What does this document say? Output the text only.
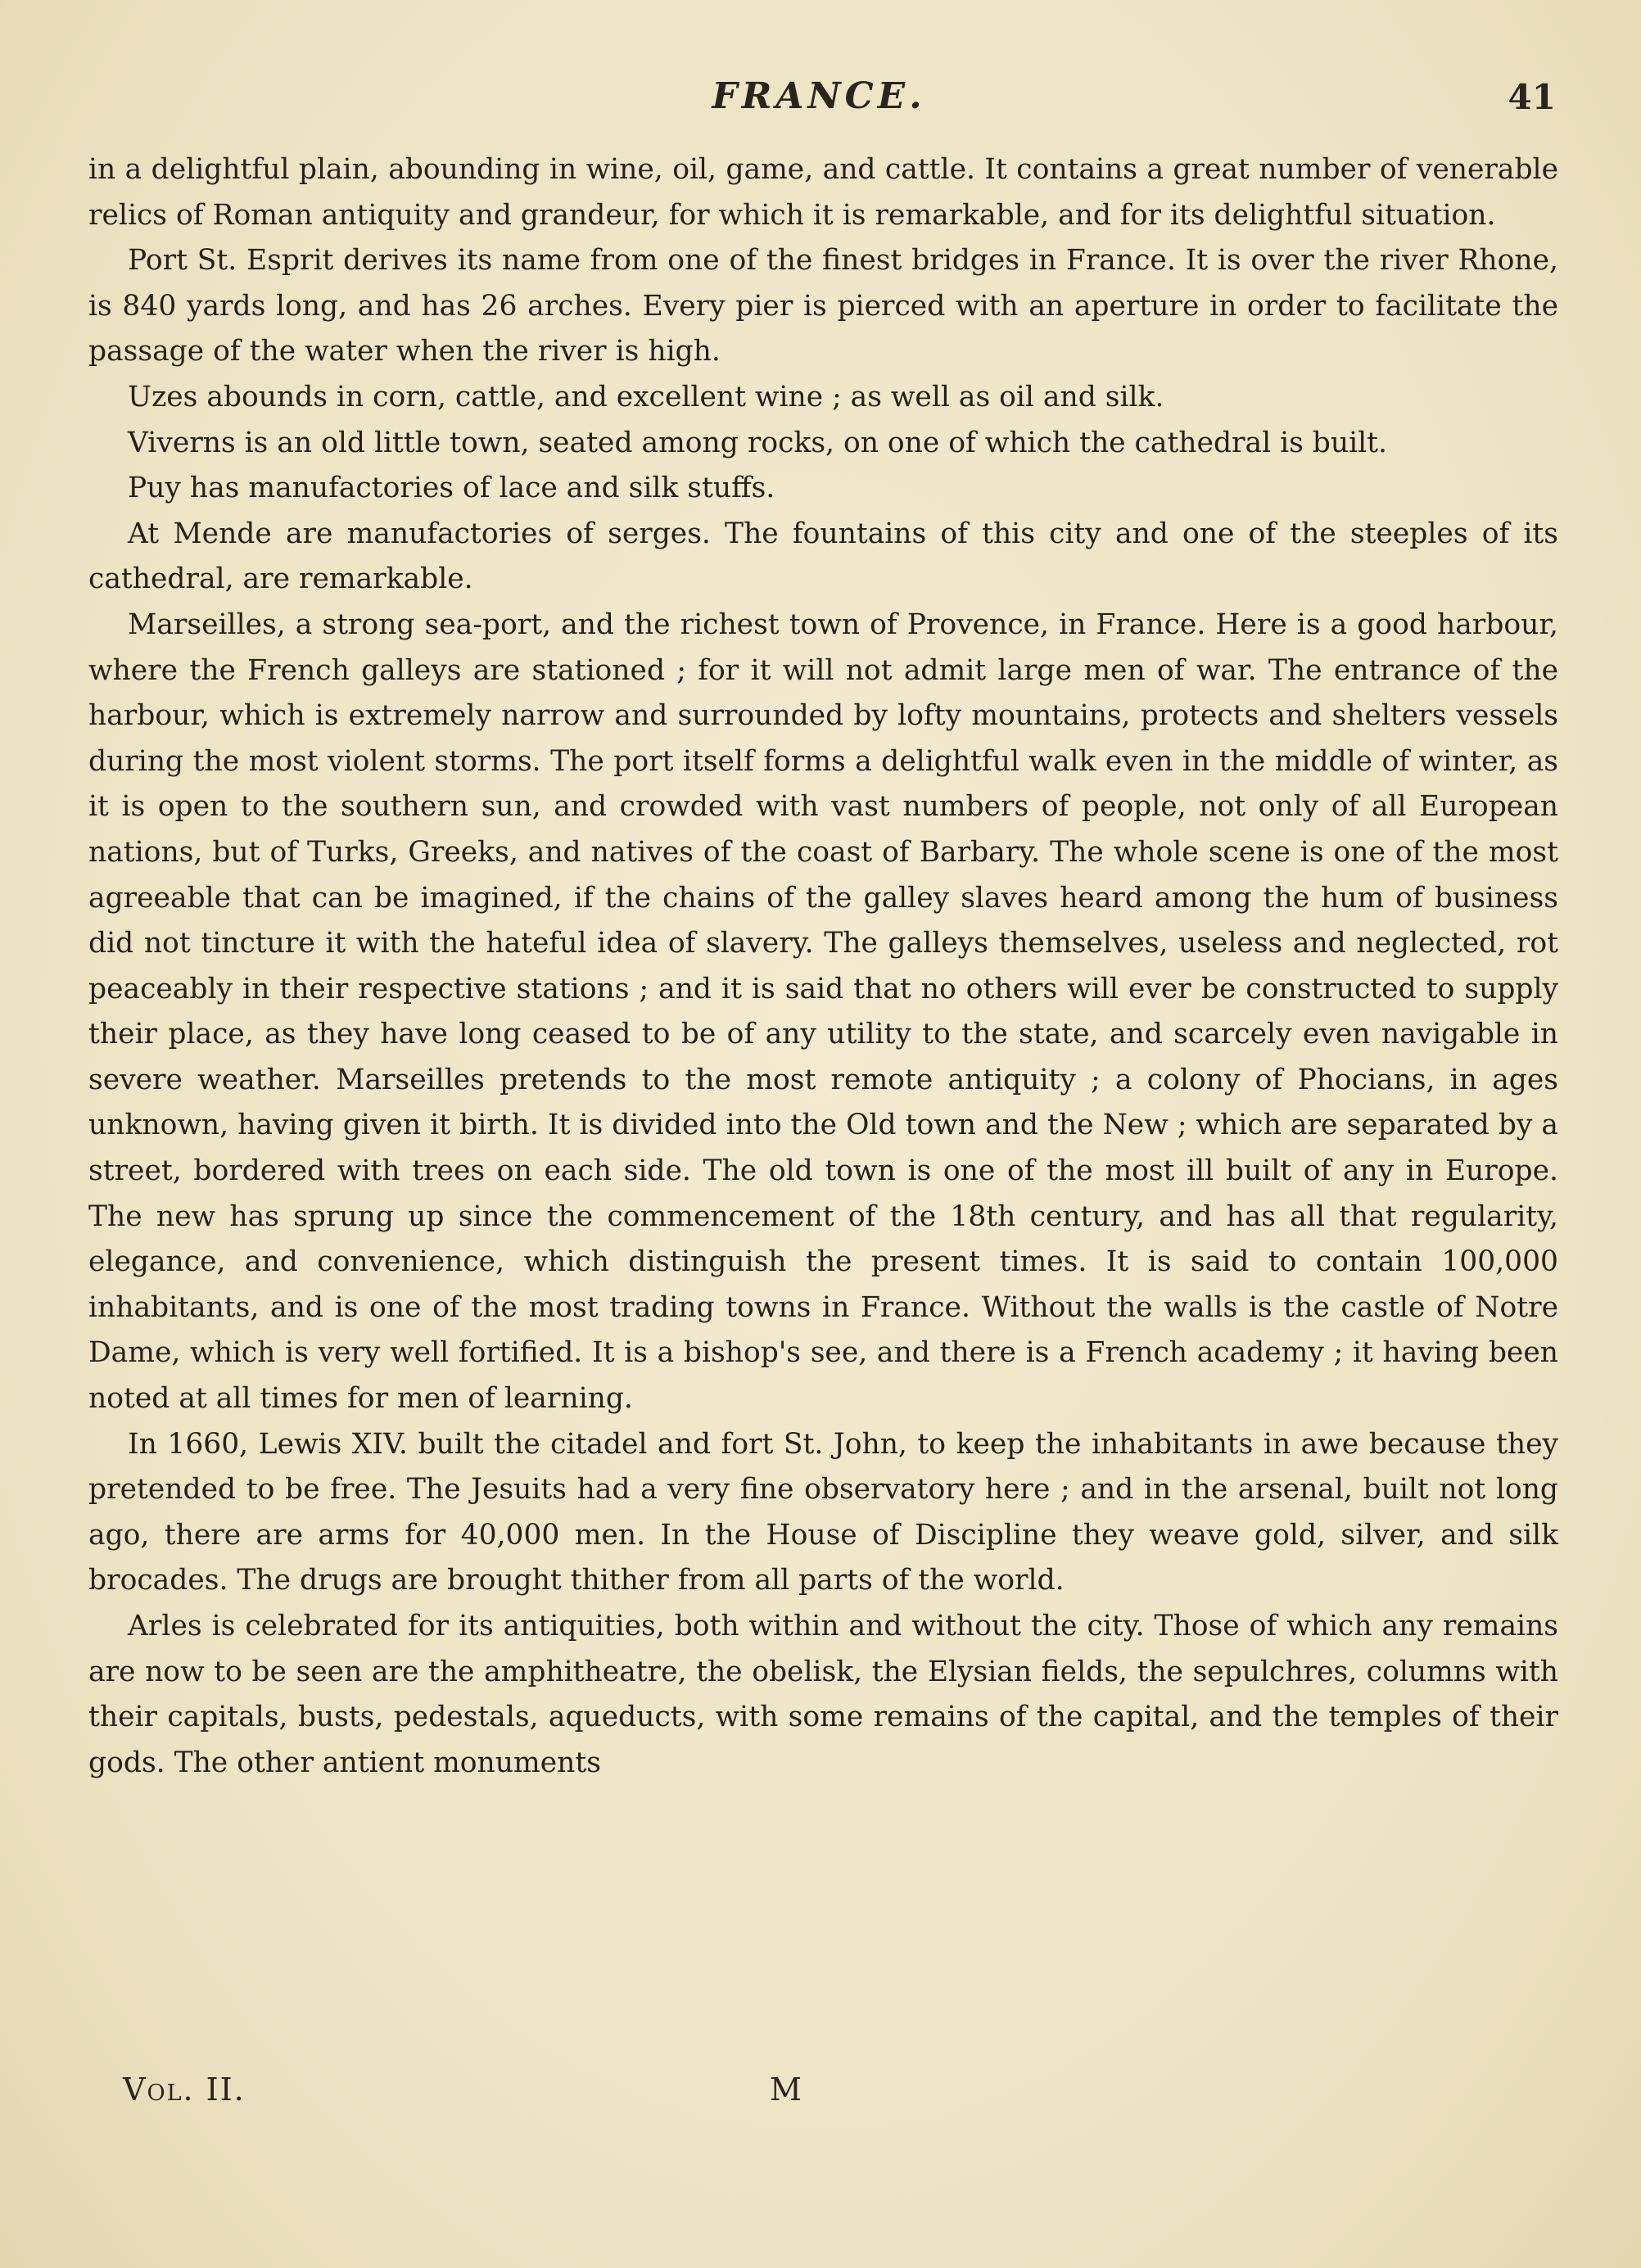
FRANCE.	41

in a delightful plain, abounding in wine, oil, game, and cattle. It contains a great number of venerable relics of Roman antiquity and grandeur, for which it is remarkable, and for its delightful situation.

Port St. Esprit derives its name from one of the finest bridges in France. It is over the river Rhone, is 840 yards long, and has 26 arches. Every pier is pierced with an aperture in order to facilitate the passage of the water when the river is high.

Uzes abounds in corn, cattle, and excellent wine ; as well as oil and silk.

Viverns is an old little town, seated among rocks, on one of which the cathedral is built.

Puy has manufactories of lace and silk stuffs.

At Mende are manufactories of serges. The fountains of this city and one of the steeples of its cathedral, are remarkable.

Marseilles, a strong sea-port, and the richest town of Provence, in France. Here is a good harbour, where the French galleys are stationed ; for it will not admit large men of war. The entrance of the harbour, which is extremely narrow and surrounded by lofty mountains, protects and shelters vessels during the most violent storms. The port itself forms a delightful walk even in the middle of winter, as it is open to the southern sun, and crowded with vast numbers of people, not only of all European nations, but of Turks, Greeks, and natives of the coast of Barbary. The whole scene is one of the most agreeable that can be imagined, if the chains of the galley slaves heard among the hum of business did not tincture it with the hateful idea of slavery. The galleys themselves, useless and neglected, rot peaceably in their respective stations ; and it is said that no others will ever be constructed to supply their place, as they have long ceased to be of any utility to the state, and scarcely even navigable in severe weather. Marseilles pretends to the most remote antiquity ; a colony of Phocians, in ages unknown, having given it birth. It is divided into the Old town and the New ; which are separated by a street, bordered with trees on each side. The old town is one of the most ill built of any in Europe. The new has sprung up since the commencement of the 18th century, and has all that regularity, elegance, and convenience, which distinguish the present times. It is said to contain 100,000 inhabitants, and is one of the most trading towns in France. Without the walls is the castle of Notre Dame, which is very well fortified. It is a bishop's see, and there is a French academy ; it having been noted at all times for men of learning.

In 1660, Lewis XIV. built the citadel and fort St. John, to keep the inhabitants in awe because they pretended to be free. The Jesuits had a very fine observatory here ; and in the arsenal, built not long ago, there are arms for 40,000 men. In the House of Discipline they weave gold, silver, and silk brocades. The drugs are brought thither from all parts of the world.

Arles is celebrated for its antiquities, both within and without the city. Those of which any remains are now to be seen are the amphitheatre, the obelisk, the Elysian fields, the sepulchres, columns with their capitals, busts, pedestals, aqueducts, with some remains of the capital, and the temples of their gods. The other antient monuments

Vol. II.	M
